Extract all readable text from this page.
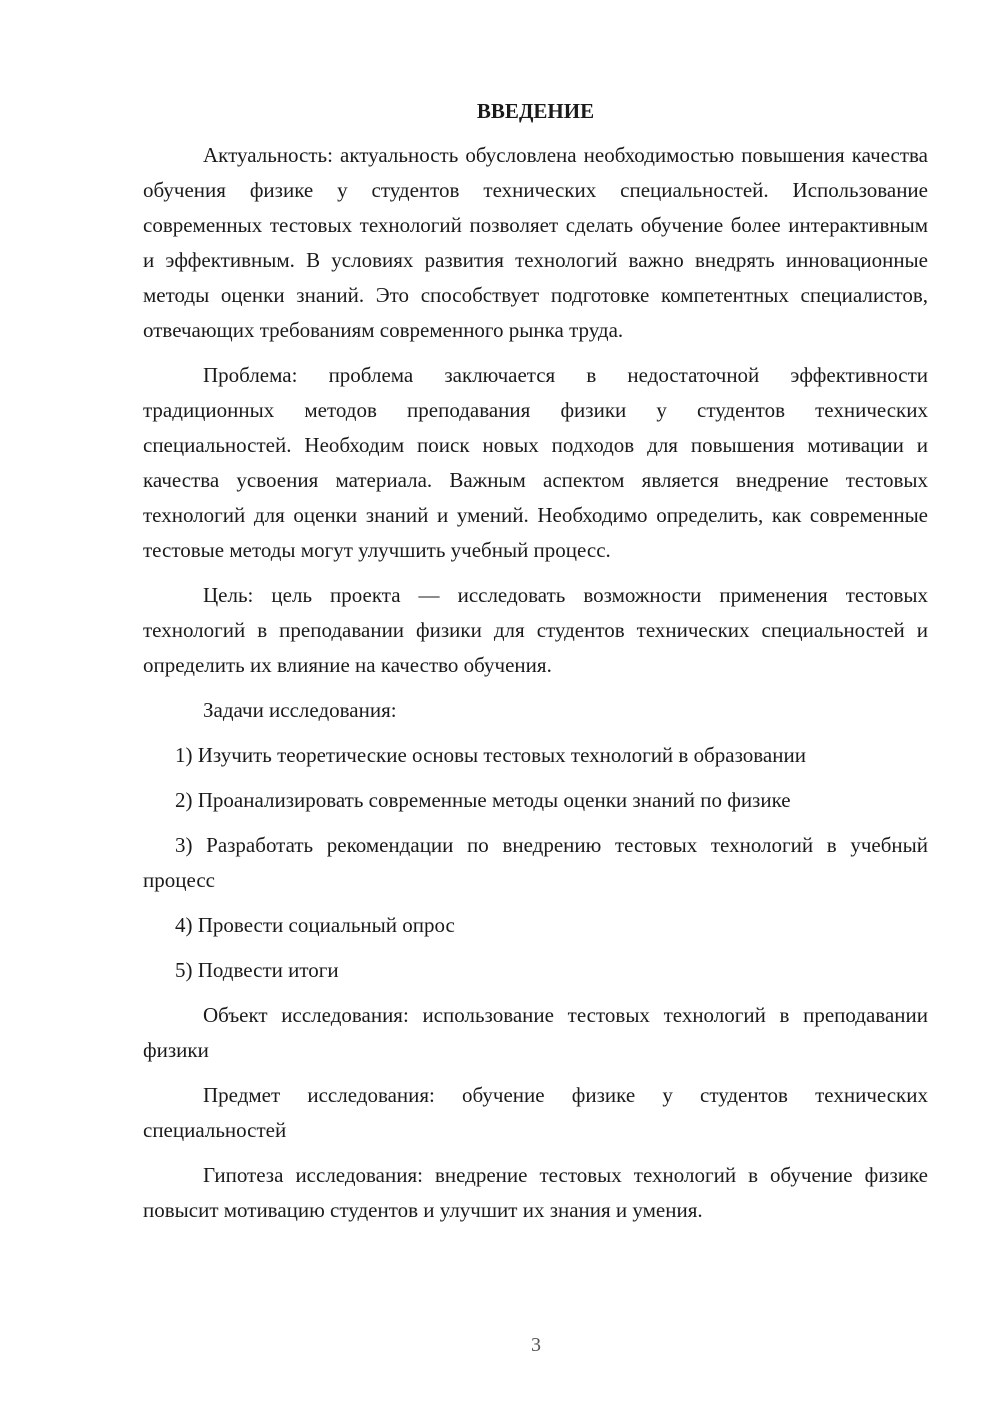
ВВЕДЕНИЕ

Актуальность: актуальность обусловлена необходимостью повышения качества обучения физике у студентов технических специальностей. Использование современных тестовых технологий позволяет сделать обучение более интерактивным и эффективным. В условиях развития технологий важно внедрять инновационные методы оценки знаний. Это способствует подготовке компетентных специалистов, отвечающих требованиям современного рынка труда.

Проблема: проблема заключается в недостаточной эффективности традиционных методов преподавания физики у студентов технических специальностей. Необходим поиск новых подходов для повышения мотивации и качества усвоения материала. Важным аспектом является внедрение тестовых технологий для оценки знаний и умений. Необходимо определить, как современные тестовые методы могут улучшить учебный процесс.

Цель: цель проекта — исследовать возможности применения тестовых технологий в преподавании физики для студентов технических специальностей и определить их влияние на качество обучения.

Задачи исследования:

1) Изучить теоретические основы тестовых технологий в образовании

2) Проанализировать современные методы оценки знаний по физике

3) Разработать рекомендации по внедрению тестовых технологий в учебный процесс

4) Провести социальный опрос

5) Подвести итоги

Объект исследования: использование тестовых технологий в преподавании физики

Предмет исследования: обучение физике у студентов технических специальностей

Гипотеза исследования: внедрение тестовых технологий в обучение физике повысит мотивацию студентов и улучшит их знания и умения.

3
